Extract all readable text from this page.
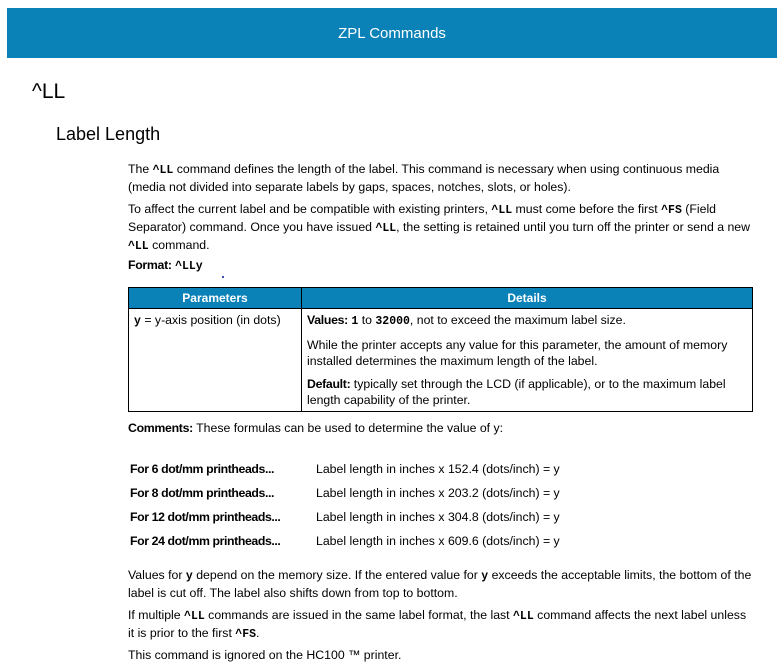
ZPL Commands
^LL
Label Length
The ^LL command defines the length of the label. This command is necessary when using continuous media (media not divided into separate labels by gaps, spaces, notches, slots, or holes).
To affect the current label and be compatible with existing printers, ^LL must come before the first ^FS (Field Separator) command. Once you have issued ^LL, the setting is retained until you turn off the printer or send a new ^LL command.
Format: ^LLy
Parameters	Details
y = y-axis position (in dots)	Values: 1 to 32000, not to exceed the maximum label size.
While the printer accepts any value for this parameter, the amount of memory installed determines the maximum length of the label.
Default: typically set through the LCD (if applicable), or to the maximum label length capability of the printer.
Comments: These formulas can be used to determine the value of y:
For 6 dot/mm printheads...	Label length in inches x 152.4 (dots/inch) = y
For 8 dot/mm printheads...	Label length in inches x 203.2 (dots/inch) = y
For 12 dot/mm printheads...	Label length in inches x 304.8 (dots/inch) = y
For 24 dot/mm printheads...	Label length in inches x 609.6 (dots/inch) = y
Values for y depend on the memory size. If the entered value for y exceeds the acceptable limits, the bottom of the label is cut off. The label also shifts down from top to bottom.
If multiple ^LL commands are issued in the same label format, the last ^LL command affects the next label unless it is prior to the first ^FS.
This command is ignored on the HC100 ™ printer.
